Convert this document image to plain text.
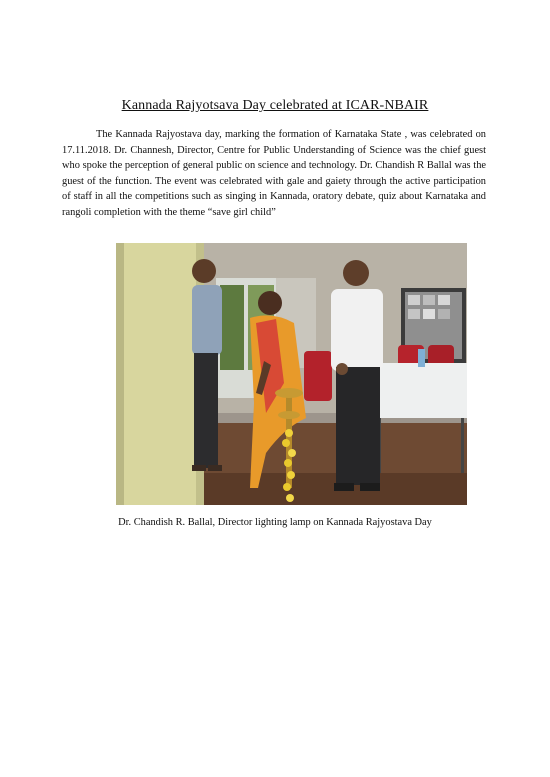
Kannada Rajyotsava Day celebrated at ICAR-NBAIR

The Kannada Rajyostava day, marking the formation of Karnataka State , was celebrated on 17.11.2018. Dr. Channesh, Director, Centre for Public Understanding of Science was the chief guest who spoke the perception of general public on science and technology. Dr. Chandish R Ballal was the guest of the function. The event was celebrated with gale and gaiety through the active participation of staff in all the competitions such as singing in Kannada, oratory debate, quiz about Karnataka and rangoli completion with the theme “save girl child”

Dr. Chandish R. Ballal, Director lighting lamp on Kannada Rajyostava Day
